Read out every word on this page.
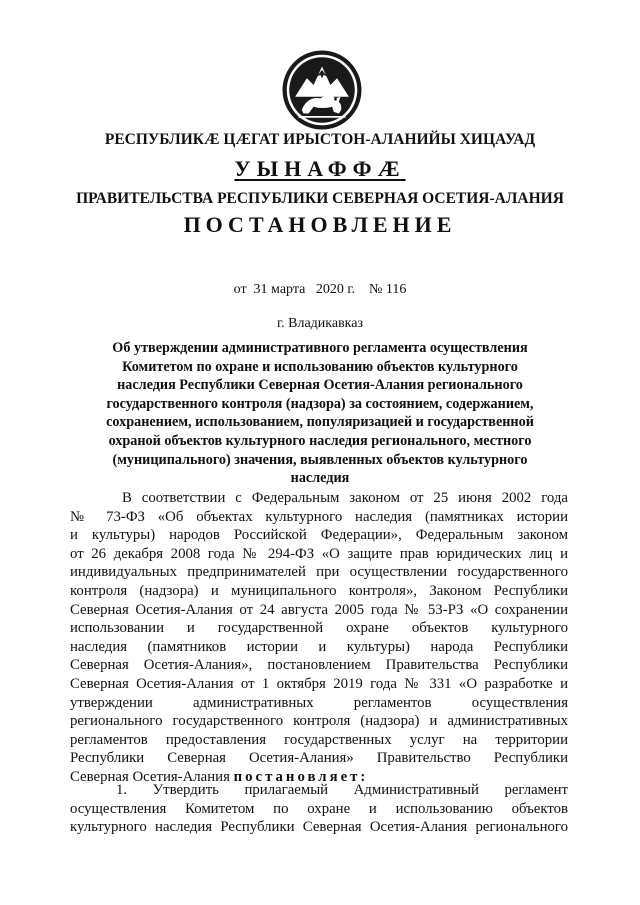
РЕСПУБЛИКӔ ЦӔГАТ ИРЫСТОН-АЛАНИЙЫ ХИЦАУАД
УЫНАФФӔ
ПРАВИТЕЛЬСТВА РЕСПУБЛИКИ СЕВЕРНАЯ ОСЕТИЯ-АЛАНИЯ
ПОСТАНОВЛЕНИЕ
от  31 марта   2020 г.    № 116
г. Владикавказ
Об утверждении административного регламента осуществления
Комитетом по охране и использованию объектов культурного
наследия Республики Северная Осетия-Алания регионального
государственного контроля (надзора) за состоянием, содержанием,
сохранением, использованием, популяризацией и государственной
охраной объектов культурного наследия регионального, местного
(муниципального) значения, выявленных объектов культурного
наследия
В соответствии с Федеральным законом от 25 июня 2002 года
№ 73-ФЗ «Об объектах культурного наследия (памятниках истории
и культуры) народов Российской Федерации», Федеральным законом
от 26 декабря 2008 года № 294-ФЗ «О защите прав юридических лиц и
индивидуальных предпринимателей при осуществлении государственного
контроля (надзора) и муниципального контроля», Законом Республики
Северная Осетия-Алания от 24 августа 2005 года № 53-РЗ «О сохранении
использовании и государственной охране объектов культурного
наследия (памятников истории и культуры) народа Республики
Северная Осетия-Алания», постановлением Правительства Республики
Северная Осетия-Алания от 1 октября 2019 года № 331 «О разработке и
утверждении административных регламентов осуществления
регионального государственного контроля (надзора) и административных
регламентов предоставления государственных услуг на территории
Республики Северная Осетия-Алания» Правительство Республики
Северная Осетия-Алания постановляет:
1. Утвердить прилагаемый Административный регламент
осуществления Комитетом по охране и использованию объектов
культурного наследия Республики Северная Осетия-Алания регионального
